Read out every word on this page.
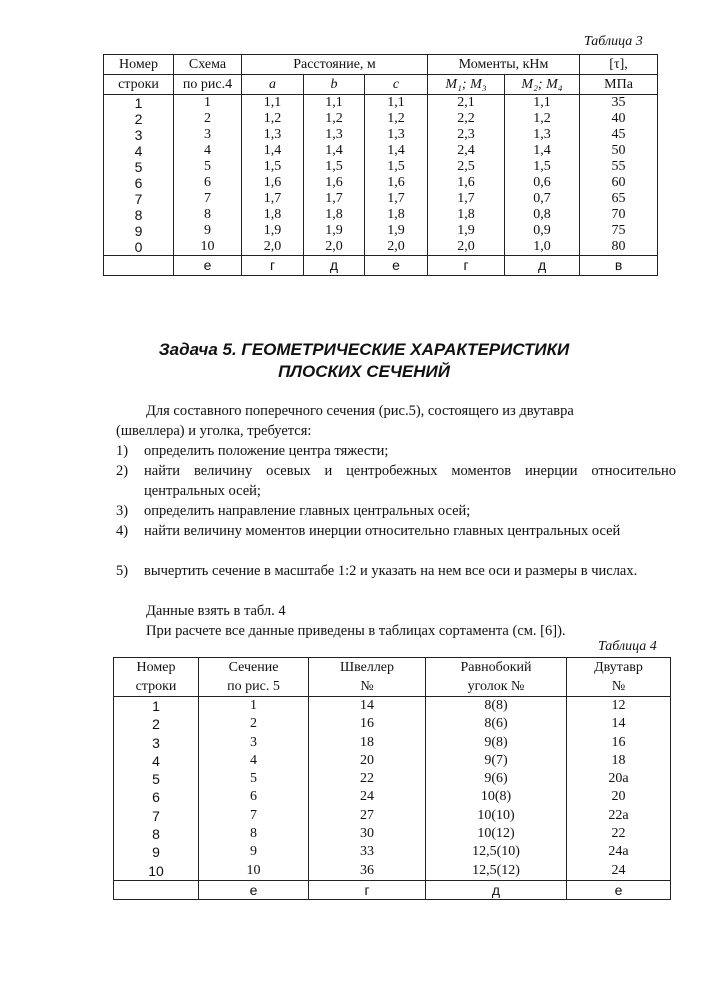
Таблица 3
Номер	Схема	Расстояние, м			Моменты, кНм		[τ],
строки	по рис.4	a	b	c	M₁; M₃	M₂; M₄	МПа
1	1	1,1	1,1	1,1	2,1	1,1	35
2	2	1,2	1,2	1,2	2,2	1,2	40
3	3	1,3	1,3	1,3	2,3	1,3	45
4	4	1,4	1,4	1,4	2,4	1,4	50
5	5	1,5	1,5	1,5	2,5	1,5	55
6	6	1,6	1,6	1,6	1,6	0,6	60
7	7	1,7	1,7	1,7	1,7	0,7	65
8	8	1,8	1,8	1,8	1,8	0,8	70
9	9	1,9	1,9	1,9	1,9	0,9	75
0	10	2,0	2,0	2,0	2,0	1,0	80
	е	г	д	е	г	д	в
Задача 5. ГЕОМЕТРИЧЕСКИЕ ХАРАКТЕРИСТИКИ
ПЛОСКИХ СЕЧЕНИЙ
Для составного поперечного сечения (рис.5), состоящего из двутавра
(швеллера) и уголка, требуется:
1) определить положение центра тяжести;
2) найти величину осевых и центробежных моментов инерции относительно центральных осей;
3) определить направление главных центральных осей;
4) найти величину моментов инерции относительно главных центральных осей
5) вычертить сечение в масштабе 1:2 и указать на нем все оси и размеры в числах.
Данные взять в табл. 4
При расчете все данные приведены в таблицах сортамента (см. [6]).
Таблица 4
Номер	Сечение	Швеллер	Равнобокий	Двутавр
строки	по рис. 5	№	уголок №	№
1	1	14	8(8)	12
2	2	16	8(6)	14
3	3	18	9(8)	16
4	4	20	9(7)	18
5	5	22	9(6)	20а
6	6	24	10(8)	20
7	7	27	10(10)	22а
8	8	30	10(12)	22
9	9	33	12,5(10)	24а
10	10	36	12,5(12)	24
	е	г	д	е
